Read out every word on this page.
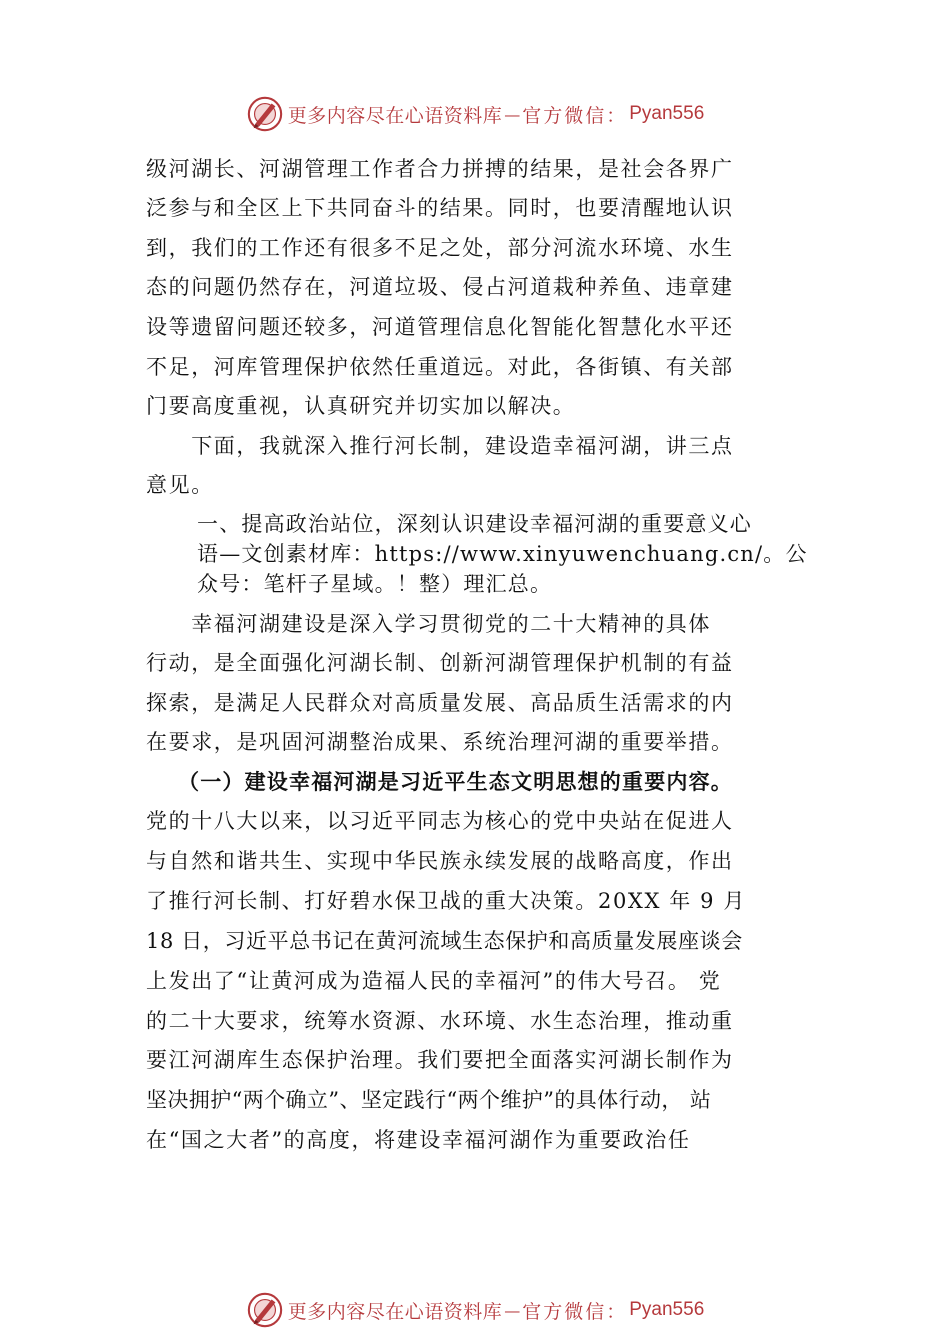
更多内容尽在心语资料库 — 官方微信： Pyan556
级河湖长、河湖管理工作者合力拼搏的结果，是社会各界广
泛参与和全区上下共同奋斗的结果。同时，也要清醒地认识
到，我们的工作还有很多不足之处，部分河流水环境、水生
态的问题仍然存在，河道垃圾、侵占河道栽种养鱼、违章建
设等遗留问题还较多，河道管理信息化智能化智慧化水平还
不足，河库管理保护依然任重道远。对此，各街镇、有关部
门要高度重视，认真研究并切实加以解决。
　　下面，我就深入推行河长制，建设造幸福河湖，讲三点
意见。
一、提高政治站位，深刻认识建设幸福河湖的重要意义心
语—文创素材库：https://www.xinyuwenchuang.cn/。公
众号：笔杆子星域。！整）理汇总。
　　幸福河湖建设是深入学习贯彻党的二十大精神的具体
行动，是全面强化河湖长制、创新河湖管理保护机制的有益
探索，是满足人民群众对高质量发展、高品质生活需求的内
在要求，是巩固河湖整治成果、系统治理河湖的重要举措。
（一）建设幸福河湖是习近平生态文明思想的重要内容。
党的十八大以来，以习近平同志为核心的党中央站在促进人
与自然和谐共生、实现中华民族永续发展的战略高度，作出
了推行河长制、打好碧水保卫战的重大决策。20XX 年 9 月
18 日，习近平总书记在黄河流域生态保护和高质量发展座谈会
上发出了“让黄河成为造福人民的幸福河”的伟大号召。 党
的二十大要求，统筹水资源、水环境、水生态治理，推动重
要江河湖库生态保护治理。我们要把全面落实河湖长制作为
坚决拥护“两个确立”、坚定践行“两个维护”的具体行动， 站
在“国之大者”的高度，将建设幸福河湖作为重要政治任
更多内容尽在心语资料库 — 官方微信： Pyan556
